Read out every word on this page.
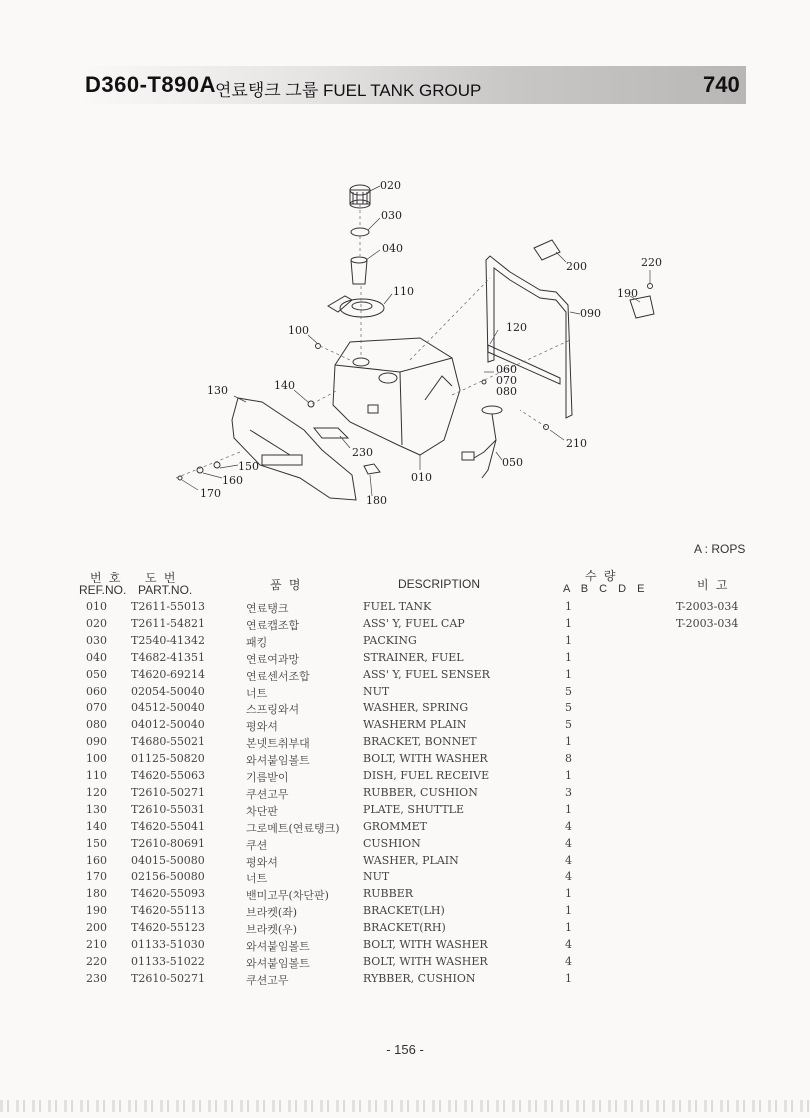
D360-T890A 연료탱크 그룹 FUEL TANK GROUP	740
020
030
040
110
100	120
090
200	220
190
060
070
080
130	140
230
010
050
210
150
160
170
180
A : ROPS
번 호
REF.NO.
도 번
PART.NO.	품 명	DESCRIPTION
수 량
A B C D E	비 고
010 T2611-55013	연료탱크	FUEL TANK	1	T-2003-034
020 T2611-54821	연료캡조합	ASS' Y, FUEL CAP	1	T-2003-034
030 T2540-41342	패킹	PACKING	1
040 T4682-41351	연료여과망	STRAINER, FUEL	1
050 T4620-69214	연료센서조합	ASS' Y, FUEL SENSER	1
060 02054-50040	너트	NUT	5
070 04512-50040	스프링와셔	WASHER, SPRING	5
080 04012-50040	평와셔	WASHERM PLAIN	5
090 T4680-55021	본넷트취부대	BRACKET, BONNET	1
100 01125-50820	와셔붙임볼트	BOLT, WITH WASHER	8
110 T4620-55063	기름받이	DISH, FUEL RECEIVE	1
120 T2610-50271	쿠션고무	RUBBER, CUSHION	3
130 T2610-55031	차단판	PLATE, SHUTTLE	1
140 T4620-55041	그로메트(연료탱크) GROMMET	4
150 T2610-80691	쿠션	CUSHION	4
160 04015-50080	평와셔	WASHER, PLAIN	4
170 02156-50080	너트	NUT	4
180 T4620-55093	밴미고무(차단판)	RUBBER	1
190 T4620-55113	브라켓(좌)	BRACKET(LH)	1
200 T4620-55123	브라켓(우)	BRACKET(RH)	1
210 01133-51030	와셔붙임볼트	BOLT, WITH WASHER	4
220 01133-51022	와셔붙임볼트	BOLT, WITH WASHER	4
230 T2610-50271	쿠션고무	RYBBER, CUSHION	1
- 156 -
